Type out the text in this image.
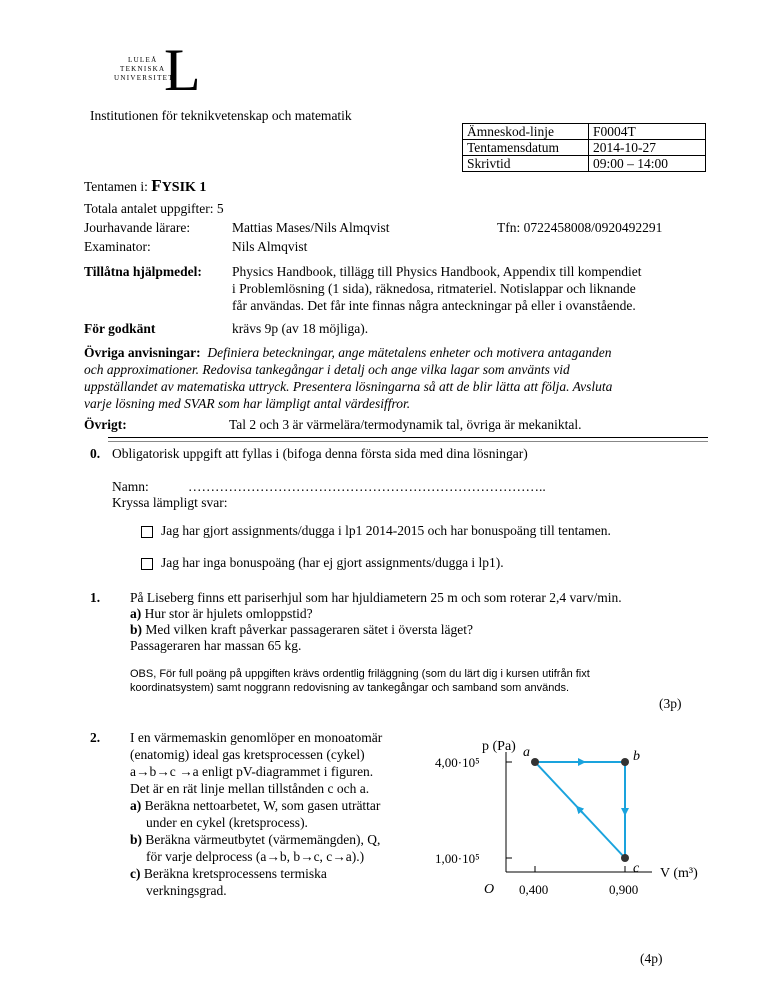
L
LULEÅ
TEKNISKA
UNIVERSITET
Institutionen för teknikvetenskap och matematik
Ämneskod-linje	F0004T
Tentamensdatum	2014-10-27
Skrivtid	09:00 – 14:00
Tentamen i: FYSIK 1
Totala antalet uppgifter: 5
Jourhavande lärare:	Mattias Mases/Nils Almqvist	Tfn: 0722458008/0920492291
Examinator:	Nils Almqvist
Tillåtna hjälpmedel: Physics Handbook, tillägg till Physics Handbook, Appendix till kompendiet
i Problemlösning (1 sida), räknedosa, ritmateriel. Notislappar och liknande
får användas. Det får inte finnas några anteckningar på eller i ovanstående.
För godkänt	krävs 9p (av 18 möjliga).
Övriga anvisningar: Definiera beteckningar, ange mätetalens enheter och motivera antaganden
och approximationer. Redovisa tankegångar i detalj och ange vilka lagar som använts vid
uppställandet av matematiska uttryck. Presentera lösningarna så att de blir lätta att följa. Avsluta
varje lösning med SVAR som har lämpligt antal värdesiffror.
Övrigt:	Tal 2 och 3 är värmelära/termodynamik tal, övriga är mekaniktal.
0. Obligatorisk uppgift att fyllas i (bifoga denna första sida med dina lösningar)
Namn:	……………………………………………………………………..
Kryssa lämpligt svar:
Jag har gjort assignments/dugga i lp1 2014-2015 och har bonuspoäng till tentamen.
Jag har inga bonuspoäng (har ej gjort assignments/dugga i lp1).
1. På Liseberg finns ett pariserhjul som har hjuldiametern 25 m och som roterar 2,4 varv/min.
a) Hur stor är hjulets omloppstid?
b) Med vilken kraft påverkar passageraren sätet i översta läget?
Passageraren har massan 65 kg.
OBS, För full poäng på uppgiften krävs ordentlig friläggning (som du lärt dig i kursen utifrån fixt
koordinatsystem) samt noggrann redovisning av tankegångar och samband som används.
(3p)
2. I en värmemaskin genomlöper en monoatomär
(enatomig) ideal gas kretsprocessen (cykel)
a→b→c →a enligt pV-diagrammet i figuren.
Det är en rät linje mellan tillstånden c och a.
a) Beräkna nettoarbetet, W, som gasen uträttar
under en cykel (kretsprocess).
b) Beräkna värmeutbytet (värmemängden), Q,
för varje delprocess (a→b, b→c, c→a).)
c) Beräkna kretsprocessens termiska
verkningsgrad.
(4p)
p (Pa)
V (m³)
O
4,00·10⁵
1,00·10⁵
0,400	0,900
a	b
c
